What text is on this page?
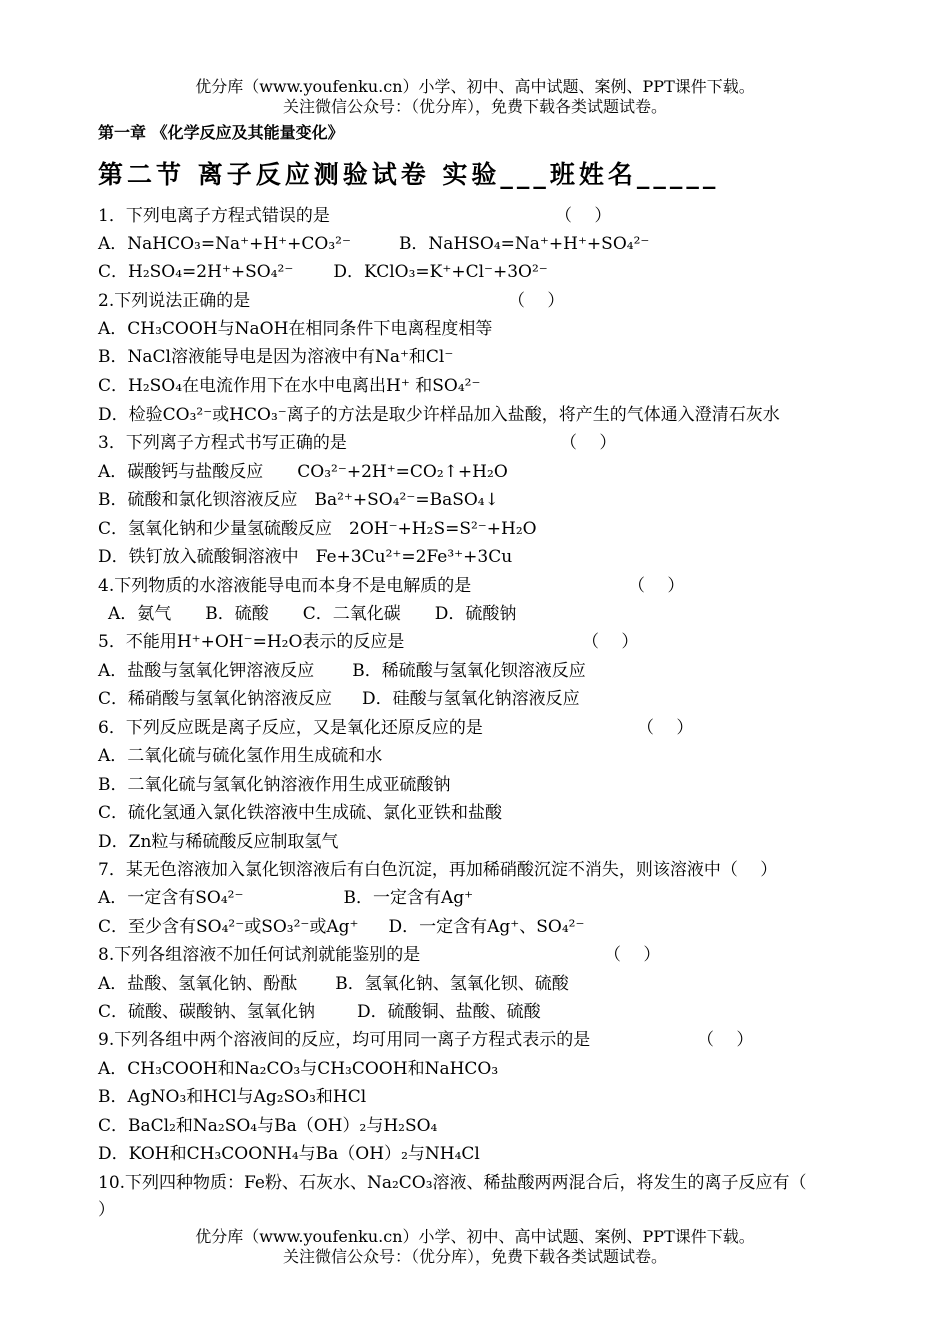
优分库（www.youfenku.cn）小学、初中、高中试题、案例、PPT课件下载。
关注微信公众号：（优分库），免费下载各类试题试卷。
第一章 《化学反应及其能量变化》
第二节 离子反应测验试卷 实验___班姓名_____
1．下列电离子方程式错误的是	（　 ）
A．NaHCO₃=Na⁺+H⁺+CO₃²⁻	B．NaHSO₄=Na⁺+H⁺+SO₄²⁻
C．H₂SO₄=2H⁺+SO₄²⁻ D．KClO₃=K⁺+Cl⁻+3O²⁻
2.下列说法正确的是	（　 ）
A．CH₃COOH与NaOH在相同条件下电离程度相等
B．NaCl溶液能导电是因为溶液中有Na⁺和Cl⁻
C．H₂SO₄在电流作用下在水中电离出H⁺ 和SO₄²⁻
D．检验CO₃²⁻或HCO₃⁻离子的方法是取少许样品加入盐酸，将产生的气体通入澄清石灰水
3．下列离子方程式书写正确的是	（　 ）
A．碳酸钙与盐酸反应　　CO₃²⁻+2H⁺=CO₂↑+H₂O
B．硫酸和氯化钡溶液反应　Ba²⁺+SO₄²⁻=BaSO₄↓
C．氢氧化钠和少量氢硫酸反应　2OH⁻+H₂S=S²⁻+H₂O
D．铁钉放入硫酸铜溶液中　Fe+3Cu²⁺=2Fe³⁺+3Cu
4.下列物质的水溶液能导电而本身不是电解质的是	（　 ）
A．氨气　　B．硫酸　　C．二氧化碳　　D．硫酸钠
5．不能用H⁺+OH⁻=H₂O表示的反应是	（　 ）
A．盐酸与氢氧化钾溶液反应 B．稀硫酸与氢氧化钡溶液反应
C．稀硝酸与氢氧化钠溶液反应 D．硅酸与氢氧化钠溶液反应
6．下列反应既是离子反应，又是氧化还原反应的是	（　 ）
A．二氧化硫与硫化氢作用生成硫和水
B．二氧化硫与氢氧化钠溶液作用生成亚硫酸钠
C．硫化氢通入氯化铁溶液中生成硫、氯化亚铁和盐酸
D．Zn粒与稀硫酸反应制取氢气
7．某无色溶液加入氯化钡溶液后有白色沉淀，再加稀硝酸沉淀不消失，则该溶液中（　 ）
A．一定含有SO₄²⁻	B．一定含有Ag⁺
C．至少含有SO₄²⁻或SO₃²⁻或Ag⁺ D．一定含有Ag⁺、SO₄²⁻
8.下列各组溶液不加任何试剂就能鉴别的是	（　 ）
A．盐酸、氢氧化钠、酚酞 B．氢氧化钠、氢氧化钡、硫酸
C．硫酸、碳酸钠、氢氧化钠 D．硫酸铜、盐酸、硫酸
9.下列各组中两个溶液间的反应，均可用同一离子方程式表示的是	（　 ）
A．CH₃COOH和Na₂CO₃与CH₃COOH和NaHCO₃
B．AgNO₃和HCl与Ag₂SO₃和HCl
C．BaCl₂和Na₂SO₄与Ba（OH）₂与H₂SO₄
D．KOH和CH₃COONH₄与Ba（OH）₂与NH₄Cl
10.下列四种物质：Fe粉、石灰水、Na₂CO₃溶液、稀盐酸两两混合后，将发生的离子反应有（
）
优分库（www.youfenku.cn）小学、初中、高中试题、案例、PPT课件下载。
关注微信公众号：（优分库），免费下载各类试题试卷。
